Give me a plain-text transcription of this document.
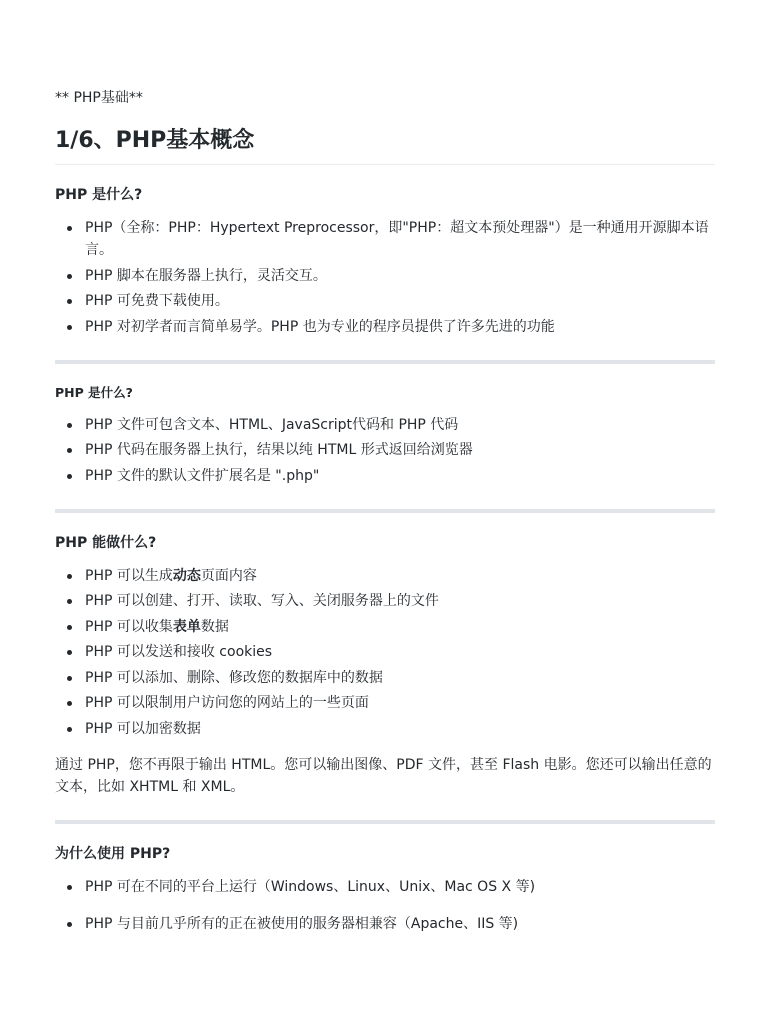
** PHP基础**
1/6、PHP基本概念
PHP 是什么?
PHP（全称：PHP：Hypertext Preprocessor，即"PHP：超文本预处理器"）是一种通用开源脚本语言。
PHP 脚本在服务器上执行，灵活交互。
PHP 可免费下载使用。
PHP 对初学者而言简单易学。PHP 也为专业的程序员提供了许多先进的功能
PHP 是什么?
PHP 文件可包含文本、HTML、JavaScript代码和 PHP 代码
PHP 代码在服务器上执行，结果以纯 HTML 形式返回给浏览器
PHP 文件的默认文件扩展名是 ".php"
PHP 能做什么?
PHP 可以生成动态页面内容
PHP 可以创建、打开、读取、写入、关闭服务器上的文件
PHP 可以收集表单数据
PHP 可以发送和接收 cookies
PHP 可以添加、删除、修改您的数据库中的数据
PHP 可以限制用户访问您的网站上的一些页面
PHP 可以加密数据

通过 PHP，您不再限于输出 HTML。您可以输出图像、PDF 文件，甚至 Flash 电影。您还可以输出任意的文本，比如 XHTML 和 XML。

为什么使用 PHP?
PHP 可在不同的平台上运行（Windows、Linux、Unix、Mac OS X 等)
PHP 与目前几乎所有的正在被使用的服务器相兼容（Apache、IIS 等)
